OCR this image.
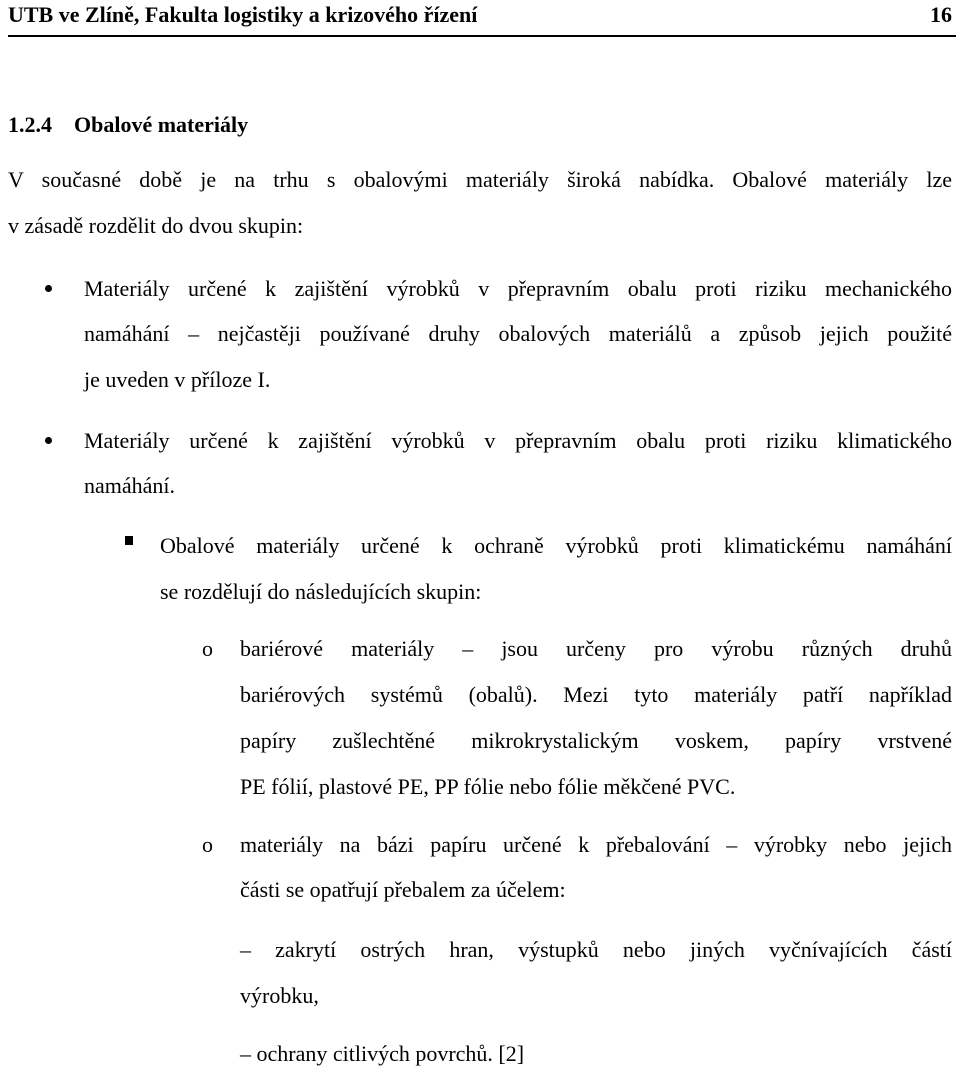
UTB ve Zlíně, Fakulta logistiky a krizového řízení	16
1.2.4 Obalové materiály
V současné době je na trhu s obalovými materiály široká nabídka. Obalové materiály lze
v zásadě rozdělit do dvou skupin:
Materiály určené k zajištění výrobků v přepravním obalu proti riziku mechanického
namáhání – nejčastěji používané druhy obalových materiálů a způsob jejich použité
je uveden v příloze I.
Materiály určené k zajištění výrobků v přepravním obalu proti riziku klimatického
namáhání.
Obalové materiály určené k ochraně výrobků proti klimatickému namáhání
se rozdělují do následujících skupin:
o bariérové materiály – jsou určeny pro výrobu různých druhů
bariérových systémů (obalů). Mezi tyto materiály patří například
papíry zušlechtěné mikrokrystalickým voskem, papíry vrstvené
PE fólií, plastové PE, PP fólie nebo fólie měkčené PVC.
o materiály na bázi papíru určené k přebalování – výrobky nebo jejich
části se opatřují přebalem za účelem:
– zakrytí ostrých hran, výstupků nebo jiných vyčnívajících částí
výrobku,
– ochrany citlivých povrchů. [2]
